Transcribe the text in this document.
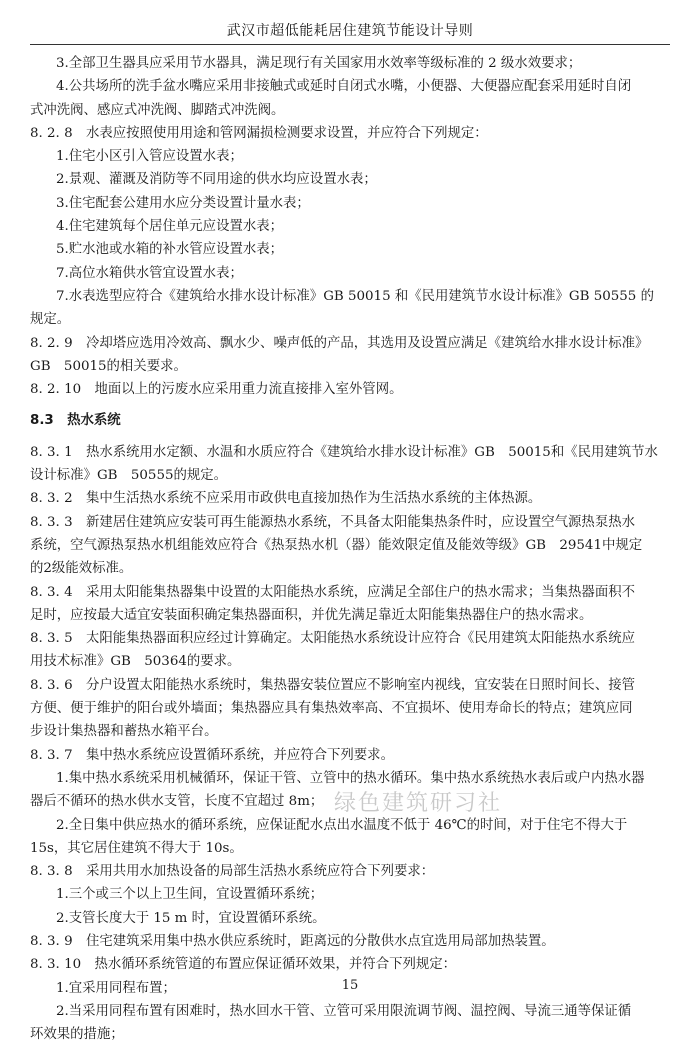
武汉市超低能耗居住建筑节能设计导则
3.全部卫生器具应采用节水器具，满足现行有关国家用水效率等级标准的 2 级水效要求；
4.公共场所的洗手盆水嘴应采用非接触式或延时自闭式水嘴，小便器、大便器应配套采用延时自闭
式冲洗阀、感应式冲洗阀、脚踏式冲洗阀。
8. 2. 8　水表应按照使用用途和管网漏损检测要求设置，并应符合下列规定：
1.住宅小区引入管应设置水表；
2.景观、灌溉及消防等不同用途的供水均应设置水表；
3.住宅配套公建用水应分类设置计量水表；
4.住宅建筑每个居住单元应设置水表；
5.贮水池或水箱的补水管应设置水表；
7.高位水箱供水管宜设置水表；
7.水表选型应符合《建筑给水排水设计标准》GB 50015 和《民用建筑节水设计标准》GB 50555 的
规定。
8. 2. 9　冷却塔应选用冷效高、飘水少、噪声低的产品，其选用及设置应满足《建筑给水排水设计标准》
GB　50015的相关要求。
8. 2. 10　地面以上的污废水应采用重力流直接排入室外管网。
8.3　热水系统
8. 3. 1　热水系统用水定额、水温和水质应符合《建筑给水排水设计标准》GB　50015和《民用建筑节水
设计标准》GB　50555的规定。
8. 3. 2　集中生活热水系统不应采用市政供电直接加热作为生活热水系统的主体热源。
8. 3. 3　新建居住建筑应安装可再生能源热水系统，不具备太阳能集热条件时，应设置空气源热泵热水
系统，空气源热泵热水机组能效应符合《热泵热水机（器）能效限定值及能效等级》GB　29541中规定
的2级能效标准。
8. 3. 4　采用太阳能集热器集中设置的太阳能热水系统，应满足全部住户的热水需求；当集热器面积不
足时，应按最大适宜安装面积确定集热器面积，并优先满足靠近太阳能集热器住户的热水需求。
8. 3. 5　太阳能集热器面积应经过计算确定。太阳能热水系统设计应符合《民用建筑太阳能热水系统应
用技术标准》GB　50364的要求。
8. 3. 6　分户设置太阳能热水系统时，集热器安装位置应不影响室内视线，宜安装在日照时间长、接管
方便、便于维护的阳台或外墙面；集热器应具有集热效率高、不宜损坏、使用寿命长的特点；建筑应同
步设计集热器和蓄热水箱平台。
8. 3. 7　集中热水系统应设置循环系统，并应符合下列要求。
1.集中热水系统采用机械循环，保证干管、立管中的热水循环。集中热水系统热水表后或户内热水器
器后不循环的热水供水支管，长度不宜超过 8m；
2.全日集中供应热水的循环系统，应保证配水点出水温度不低于 46℃的时间，对于住宅不得大于
15s，其它居住建筑不得大于 10s。
8. 3. 8　采用共用水加热设备的局部生活热水系统应符合下列要求：
1.三个或三个以上卫生间，宜设置循环系统；
2.支管长度大于 15 m 时，宜设置循环系统。
8. 3. 9　住宅建筑采用集中热水供应系统时，距离远的分散供水点宜选用局部加热装置。
8. 3. 10　热水循环系统管道的布置应保证循环效果，并符合下列规定：
1.宜采用同程布置；
2.当采用同程布置有困难时，热水回水干管、立管可采用限流调节阀、温控阀、导流三通等保证循
环效果的措施；
绿色建筑研习社
15
